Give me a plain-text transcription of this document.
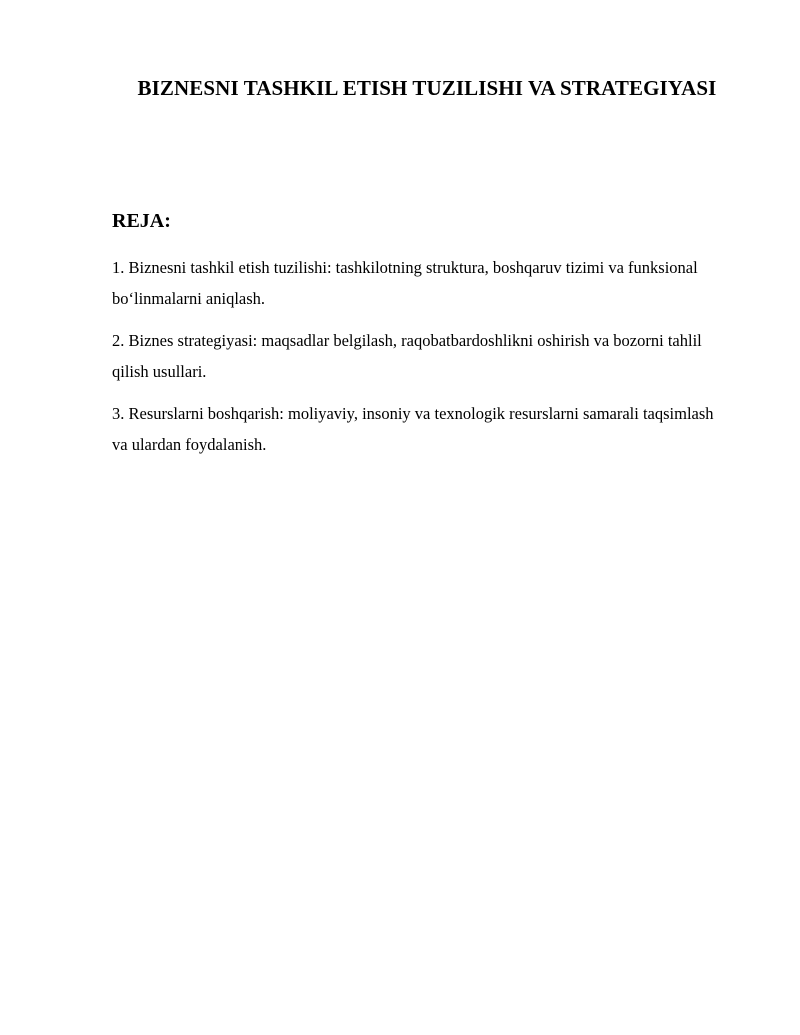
BIZNESNI TASHKIL ETISH TUZILISHI VA STRATEGIYASI
REJA:
1. Biznesni tashkil etish tuzilishi: tashkilotning struktura, boshqaruv tizimi va funksional bo‘linmalarni aniqlash.
2. Biznes strategiyasi: maqsadlar belgilash, raqobatbardoshlikni oshirish va bozorni tahlil qilish usullari.
3. Resurslarni boshqarish: moliyaviy, insoniy va texnologik resurslarni samarali taqsimlash va ulardan foydalanish.
